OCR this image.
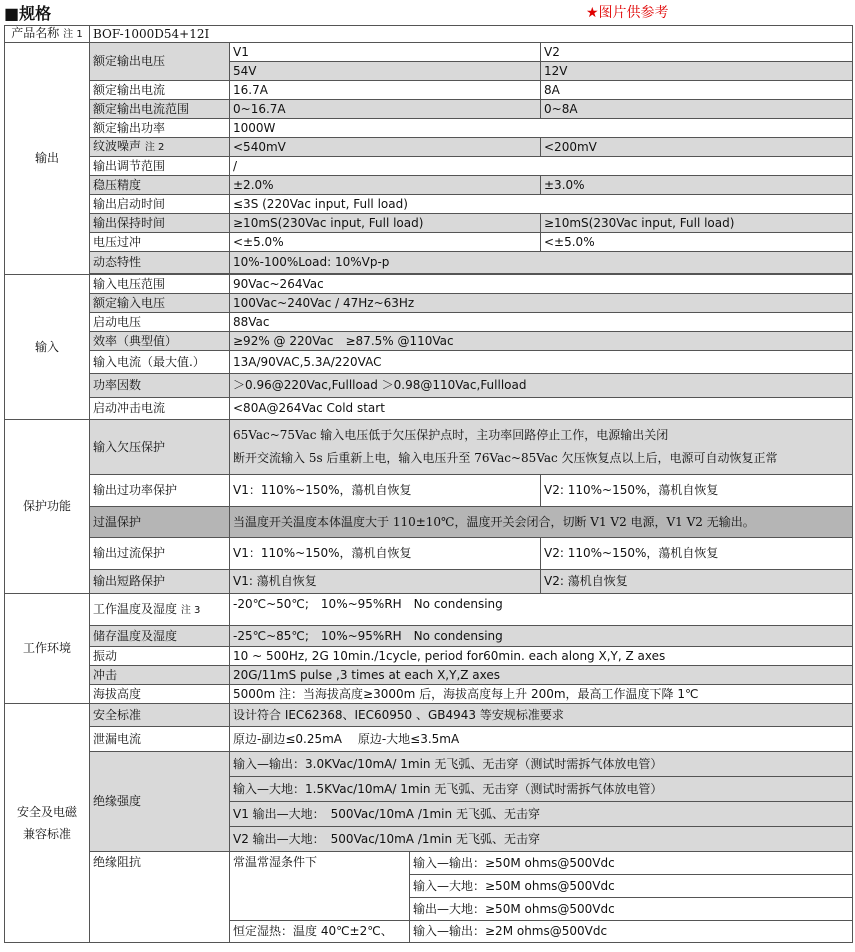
■规格	★图片供参考
产品名称 注 1	BOF-1000D54+12I			
输出	额定输出电压	V1		V2
		54V		12V
	额定输出电流	16.7A		8A
	额定输出电流范围	0~16.7A		0~8A
	额定输出功率	1000W		
	纹波噪声 注 2	<540mV		<200mV
	输出调节范围	/		
	稳压精度	±2.0%		±3.0%
	输出启动时间	≤3S (220Vac input, Full load)		
	输出保持时间	≥10mS(230Vac input, Full load)		≥10mS(230Vac input, Full load)
	电压过冲	<±5.0%		<±5.0%
	动态特性	10%-100%Load: 10%Vp-p		

输入	输入电压范围	90Vac~264Vac		
	额定输入电压	100Vac~240Vac / 47Hz~63Hz		
	启动电压	88Vac		
	效率（典型值）	≥92% @ 220Vac　≥87.5% @110Vac		
	输入电流（最大值.）	13A/90VAC,5.3A/220VAC		
	功率因数	＞0.96@220Vac,Fullload ＞0.98@110Vac,Fullload		
	启动冲击电流	<80A@264Vac Cold start		
保护功能	输入欠压保护	65Vac~75Vac 输入电压低于欠压保护点时，主功率回路停止工作，电源输出关闭
断开交流输入 5s 后重新上电，输入电压升至 76Vac~85Vac 欠压恢复点以上后，电源可自动恢复正常		

	输出过功率保护	V1：110%~150%，蕩机自恢复		V2: 110%~150%，蕩机自恢复
	过温保护	当温度开关温度本体温度大于 110±10℃，温度开关会闭合，切断 V1 V2 电源，V1 V2 无输出。		
	输出过流保护	V1：110%~150%，蕩机自恢复		V2: 110%~150%，蕩机自恢复
	输出短路保护	V1: 蕩机自恢复		V2: 蕩机自恢复
工作环境	工作温度及湿度 注 3	-20℃~50℃;　10%~95%RH　No condensing		
	储存温度及湿度	-25℃~85℃;　10%~95%RH　No condensing		
	振动	10 ~ 500Hz, 2G 10min./1cycle, period for60min. each along X,Y, Z axes		
	冲击	20G/11mS pulse ,3 times at each X,Y,Z axes		
	海拔高度	5000m 注：当海拔高度≥3000m 后，海拔高度每上升 200m，最高工作温度下降 1℃		

安全及电磁
兼容标准	安全标准	设计符合 IEC62368、IEC60950 、GB4943 等安规标准要求		
	泄漏电流	原边-副边≤0.25mA　 原边-大地≤3.5mA		
	绝缘强度	输入—输出：3.0KVac/10mA/ 1min 无飞弧、无击穿（测试时需拆气体放电管）		
		输入—大地：1.5KVac/10mA/ 1min 无飞弧、无击穿（测试时需拆气体放电管）		
		V1 输出—大地：　500Vac/10mA /1min 无飞弧、无击穿		
		V2 输出—大地：　500Vac/10mA /1min 无飞弧、无击穿		
	绝缘阻抗	常温常湿条件下	输入—输出：≥50M ohms@500Vdc	
			输入—大地：≥50M ohms@500Vdc	
			输出—大地：≥50M ohms@500Vdc	
		恒定湿热：温度 40℃±2℃、	输入—输出：≥2M ohms@500Vdc	
